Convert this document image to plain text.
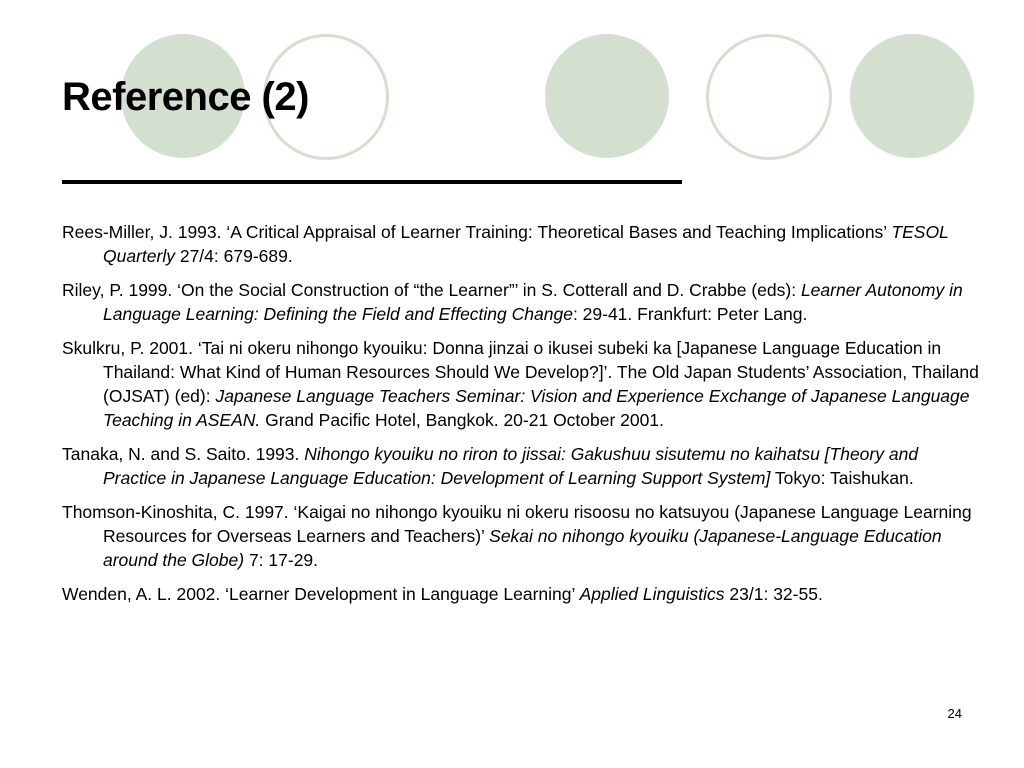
Reference (2)
Rees-Miller, J. 1993. ‘A Critical Appraisal of Learner Training: Theoretical Bases and Teaching Implications’ TESOL Quarterly 27/4: 679-689.
Riley, P. 1999. ‘On the Social Construction of “the Learner”’ in S. Cotterall and D. Crabbe (eds): Learner Autonomy in Language Learning: Defining the Field and Effecting Change: 29-41. Frankfurt: Peter Lang.
Skulkru, P. 2001. ‘Tai ni okeru nihongo kyouiku: Donna jinzai o ikusei subeki ka [Japanese Language Education in Thailand: What Kind of Human Resources Should We Develop?]’. The Old Japan Students’ Association, Thailand (OJSAT) (ed): Japanese Language Teachers Seminar: Vision and Experience Exchange of Japanese Language Teaching in ASEAN. Grand Pacific Hotel, Bangkok. 20-21 October 2001.
Tanaka, N. and S. Saito. 1993. Nihongo kyouiku no riron to jissai: Gakushuu sisutemu no kaihatsu [Theory and Practice in Japanese Language Education: Development of Learning Support System] Tokyo: Taishukan.
Thomson-Kinoshita, C. 1997. ‘Kaigai no nihongo kyouiku ni okeru risoosu no katsuyou (Japanese Language Learning Resources for Overseas Learners and Teachers)’ Sekai no nihongo kyouiku (Japanese-Language Education around the Globe) 7: 17-29.
Wenden, A. L. 2002. ‘Learner Development in Language Learning’ Applied Linguistics 23/1: 32-55.
24
